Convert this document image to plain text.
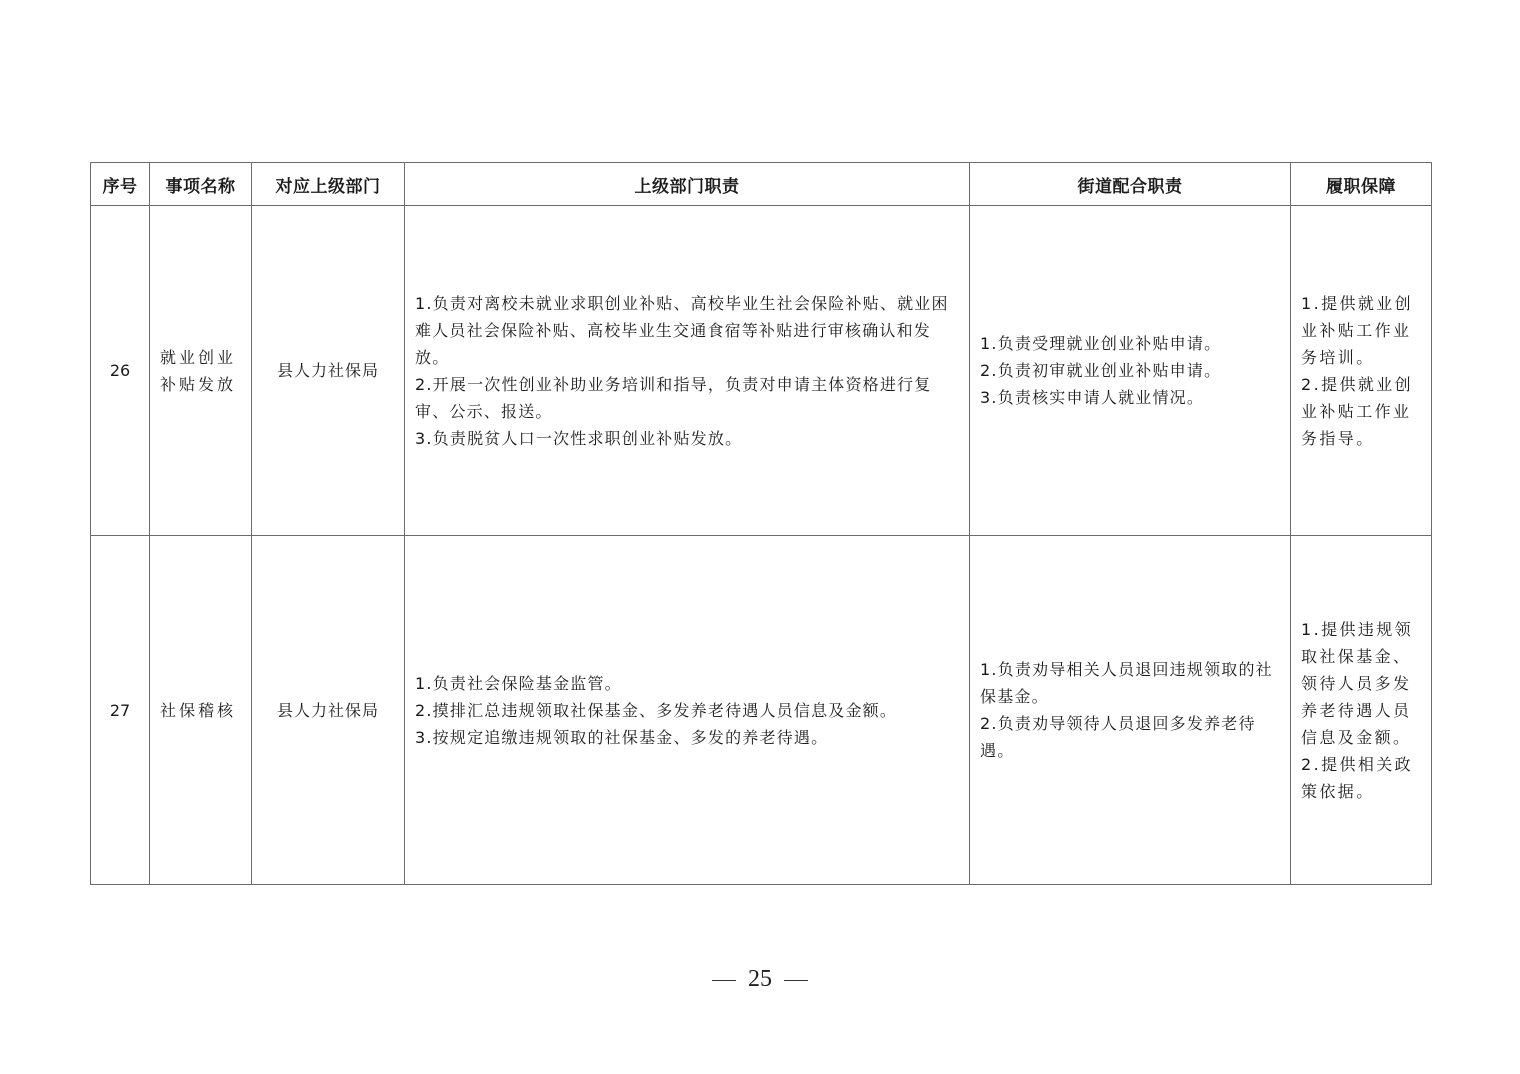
序号	事项名称	对应上级部门	上级部门职责	街道配合职责	履职保障
26	就业创业补贴发放	县人力社保局	1.负责对离校未就业求职创业补贴、高校毕业生社会保险补贴、就业困难人员社会保险补贴、高校毕业生交通食宿等补贴进行审核确认和发放。
2.开展一次性创业补助业务培训和指导，负责对申请主体资格进行复审、公示、报送。
3.负责脱贫人口一次性求职创业补贴发放。	1.负责受理就业创业补贴申请。
2.负责初审就业创业补贴申请。
3.负责核实申请人就业情况。	1.提供就业创业补贴工作业务培训。
2.提供就业创业补贴工作业务指导。

27	社保稽核	县人力社保局	1.负责社会保险基金监管。
2.摸排汇总违规领取社保基金、多发养老待遇人员信息及金额。
3.按规定追缴违规领取的社保基金、多发的养老待遇。	1.负责劝导相关人员退回违规领取的社保基金。
2.负责劝导领待人员退回多发养老待遇。	1.提供违规领取社保基金、领待人员多发养老待遇人员信息及金额。
2.提供相关政策依据。
25
